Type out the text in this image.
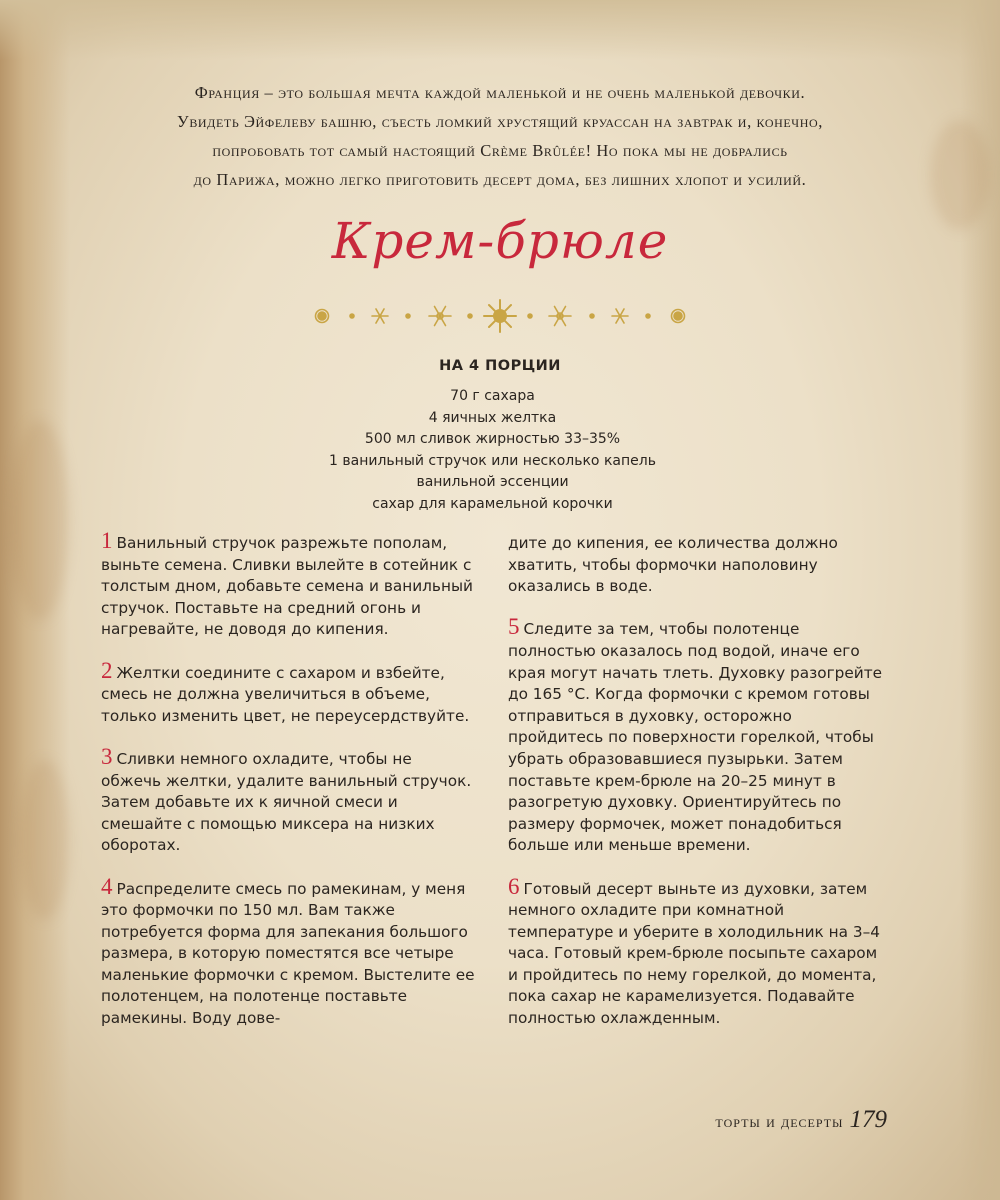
Франция – это большая мечта каждой маленькой и не очень маленькой девочки.
Увидеть Эйфелеву башню, съесть ломкий хрустящий круассан на завтрак и, конечно,
попробовать тот самый настоящий Crème Brûlée! Но пока мы не добрались
до Парижа, можно легко приготовить десерт дома, без лишних хлопот и усилий.
Крем-брюле
НА 4 ПОРЦИИ
70 г сахара
4 яичных желтка
500 мл сливок жирностью 33–35%
1 ванильный стручок или несколько капель
ванильной эссенции
сахар для карамельной корочки

1 Ванильный стручок разрежьте пополам, выньте семена. Сливки вылейте в сотейник с толстым дном, добавьте семена и ванильный стручок. Поставьте на средний огонь и нагревайте, не доводя до кипения.

2 Желтки соедините с сахаром и взбейте, смесь не должна увеличиться в объеме, только изменить цвет, не переусердствуйте.

3 Сливки немного охладите, чтобы не обжечь желтки, удалите ванильный стручок. Затем добавьте их к яичной смеси и смешайте с помощью миксера на низких оборотах.

4 Распределите смесь по рамекинам, у меня это формочки по 150 мл. Вам также потребуется форма для запекания большого размера, в которую поместятся все четыре маленькие формочки с кремом. Выстелите ее полотенцем, на полотенце поставьте рамекины. Воду дове-

дите до кипения, ее количества должно хватить, чтобы формочки наполовину оказались в воде.

5 Следите за тем, чтобы полотенце полностью оказалось под водой, иначе его края могут начать тлеть. Духовку разогрейте до 165 °С. Когда формочки с кремом готовы отправиться в духовку, осторожно пройдитесь по поверхности горелкой, чтобы убрать образовавшиеся пузырьки. Затем поставьте крем-брюле на 20–25 минут в разогретую духовку. Ориентируйтесь по размеру формочек, может понадобиться больше или меньше времени.

6 Готовый десерт выньте из духовки, затем немного охладите при комнатной температуре и уберите в холодильник на 3–4 часа. Готовый крем-брюле посыпьте сахаром и пройдитесь по нему горелкой, до момента, пока сахар не карамелизуется. Подавайте полностью охлажденным.

торты и десерты 179
